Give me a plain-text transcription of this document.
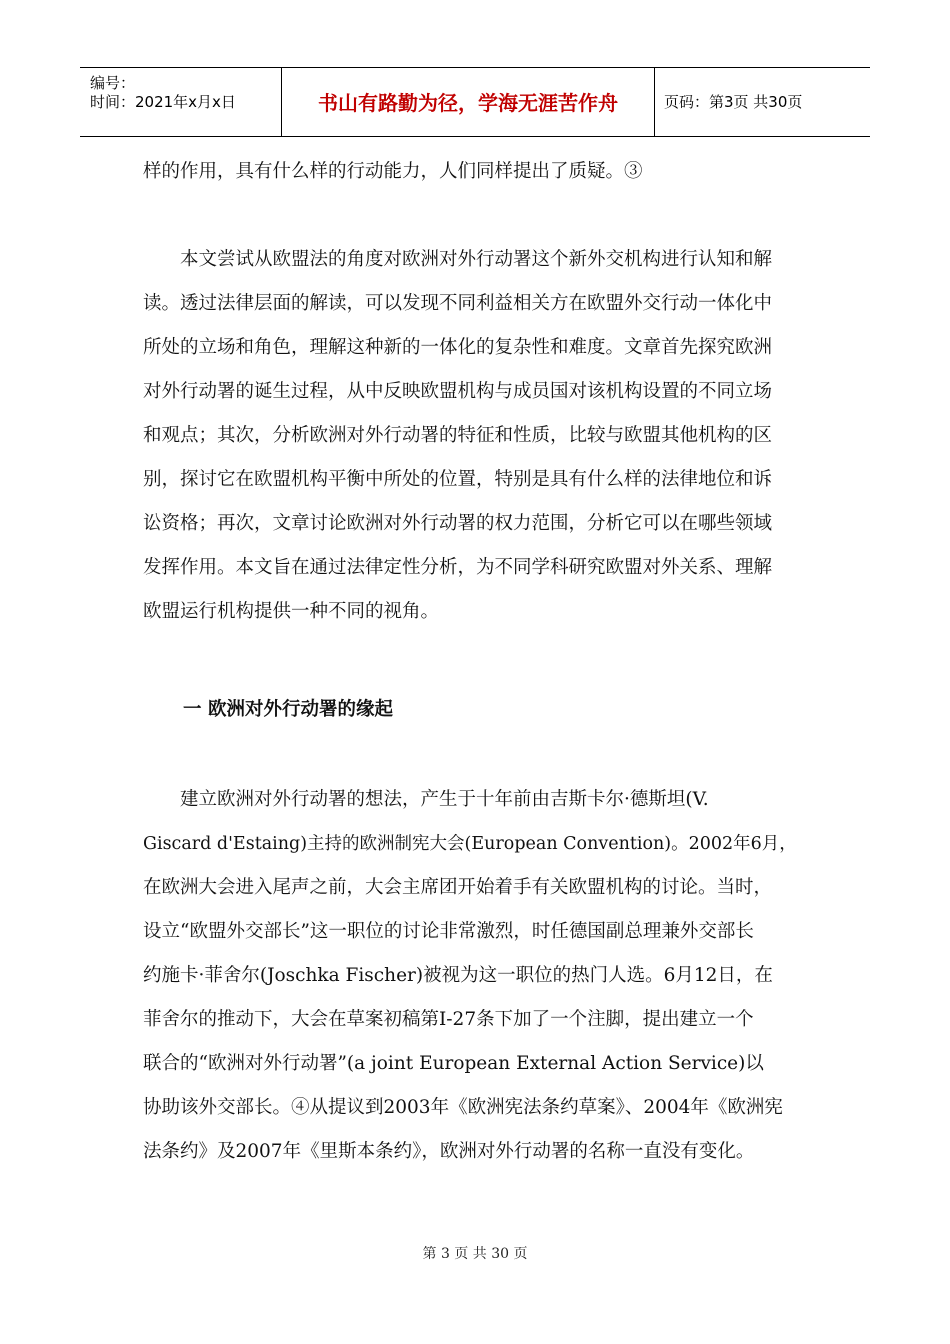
编号：
时间：2021年x月x日	书山有路勤为径，学海无涯苦作舟	页码：第3页 共30页
样的作用，具有什么样的行动能力，人们同样提出了质疑。③
　　本文尝试从欧盟法的角度对欧洲对外行动署这个新外交机构进行认知和解
读。透过法律层面的解读，可以发现不同利益相关方在欧盟外交行动一体化中
所处的立场和角色，理解这种新的一体化的复杂性和难度。文章首先探究欧洲
对外行动署的诞生过程，从中反映欧盟机构与成员国对该机构设置的不同立场
和观点；其次，分析欧洲对外行动署的特征和性质，比较与欧盟其他机构的区
别，探讨它在欧盟机构平衡中所处的位置，特别是具有什么样的法律地位和诉
讼资格；再次，文章讨论欧洲对外行动署的权力范围，分析它可以在哪些领域
发挥作用。本文旨在通过法律定性分析，为不同学科研究欧盟对外关系、理解
欧盟运行机构提供一种不同的视角。
一 欧洲对外行动署的缘起
　　建立欧洲对外行动署的想法，产生于十年前由吉斯卡尔·德斯坦(V.
Giscard d'Estaing)主持的欧洲制宪大会(European Convention)。2002年6月，
在欧洲大会进入尾声之前，大会主席团开始着手有关欧盟机构的讨论。当时，
设立“欧盟外交部长”这一职位的讨论非常激烈，时任德国副总理兼外交部长
约施卡·菲舍尔(Joschka Fischer)被视为这一职位的热门人选。6月12日，在
菲舍尔的推动下，大会在草案初稿第Ⅰ-27条下加了一个注脚，提出建立一个
联合的“欧洲对外行动署”(a joint European External Action Service)以
协助该外交部长。④从提议到2003年《欧洲宪法条约草案》、2004年《欧洲宪
法条约》及2007年《里斯本条约》，欧洲对外行动署的名称一直没有变化。
第 3 页 共 30 页
